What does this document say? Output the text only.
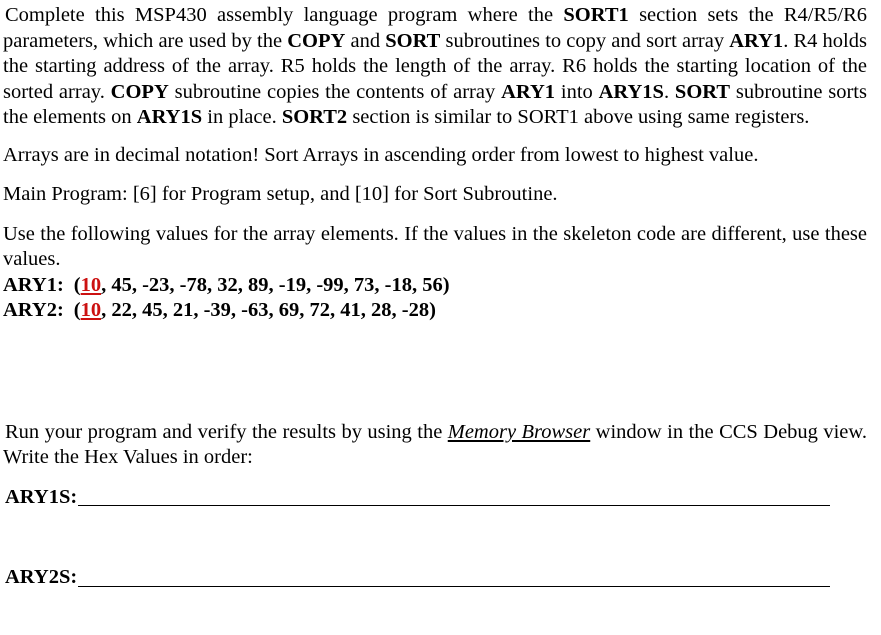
Complete this MSP430 assembly language program where the SORT1 section sets the R4/R5/R6 parameters, which are used by the COPY and SORT subroutines to copy and sort array ARY1. R4 holds the starting address of the array. R5 holds the length of the array. R6 holds the starting location of the sorted array. COPY subroutine copies the contents of array ARY1 into ARY1S. SORT subroutine sorts the elements on ARY1S in place. SORT2 section is similar to SORT1 above using same registers.

Arrays are in decimal notation! Sort Arrays in ascending order from lowest to highest value.

Main Program: [6] for Program setup, and [10] for Sort Subroutine.

Use the following values for the array elements. If the values in the skeleton code are different, use these values.

ARY1: (10, 45, -23, -78, 32, 89, -19, -99, 73, -18, 56)

ARY2: (10, 22, 45, 21, -39, -63, 69, 72, 41, 28, -28)

Run your program and verify the results by using the Memory Browser window in the CCS Debug view. Write the Hex Values in order:

ARY1S:
ARY2S:
